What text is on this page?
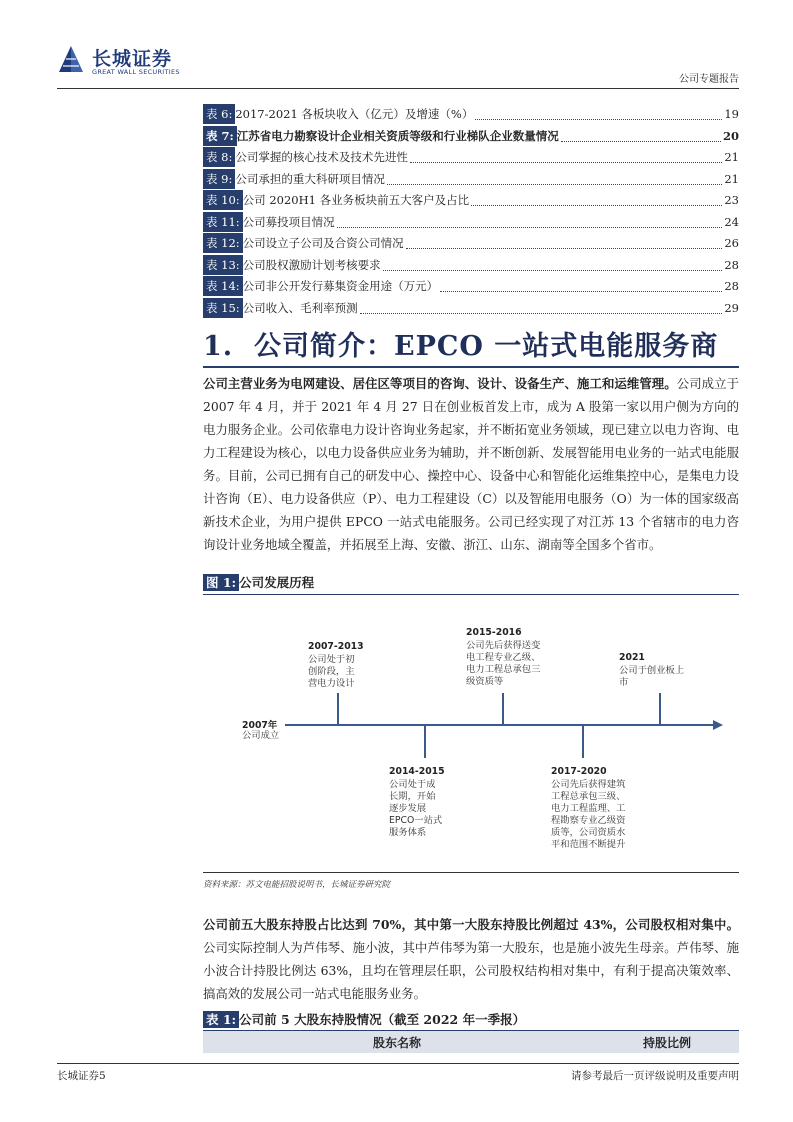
长城证券
GREAT WALL SECURITIES
公司专题报告
表 6: 2017-2021 各板块收入（亿元）及增速（%）	19
表 7: 江苏省电力勘察设计企业相关资质等级和行业梯队企业数量情况	20
表 8: 公司掌握的核心技术及技术先进性	21
表 9: 公司承担的重大科研项目情况	21
表 10: 公司 2020H1 各业务板块前五大客户及占比	23
表 11: 公司募投项目情况	24
表 12: 公司设立子公司及合资公司情况	26
表 13: 公司股权激励计划考核要求	28
表 14: 公司非公开发行募集资金用途（万元）	28
表 15: 公司收入、毛利率预测	29
1. 公司简介：EPCO 一站式电能服务商
公司主营业务为电网建设、居住区等项目的咨询、设计、设备生产、施工和运维管理。公司成立于 2007 年 4 月，并于 2021 年 4 月 27 日在创业板首发上市，成为 A 股第一家以用户侧为方向的电力服务企业。公司依靠电力设计咨询业务起家，并不断拓宽业务领域，现已建立以电力咨询、电力工程建设为核心，以电力设备供应业务为辅助，并不断创新、发展智能用电业务的一站式电能服务。目前，公司已拥有自己的研发中心、操控中心、设备中心和智能化运维集控中心，是集电力设计咨询（E）、电力设备供应（P）、电力工程建设（C）以及智能用电服务（O）为一体的国家级高新技术企业，为用户提供 EPCO 一站式电能服务。公司已经实现了对江苏 13 个省辖市的电力咨询设计业务地域全覆盖，并拓展至上海、安徽、浙江、山东、湖南等全国多个省市。
图 1: 公司发展历程
2007年
公司成立
2007-2013
公司处于初
创阶段，主
营电力设计
2014-2015
公司处于成
长期，开始
逐步发展
EPCO一站式
服务体系
2015-2016
公司先后获得送变
电工程专业乙级、
电力工程总承包三
级资质等
2017-2020
公司先后获得建筑
工程总承包三级、
电力工程监理、工
程勘察专业乙级资
质等，公司资质水
平和范围不断提升
2021
公司于创业板上
市
资料来源：苏文电能招股说明书，长城证券研究院
公司前五大股东持股占比达到 70%，其中第一大股东持股比例超过 43%，公司股权相对集中。公司实际控制人为芦伟琴、施小波，其中芦伟琴为第一大股东，也是施小波先生母亲。芦伟琴、施小波合计持股比例达 63%，且均在管理层任职，公司股权结构相对集中，有利于提高决策效率、搞高效的发展公司一站式电能服务业务。
表 1: 公司前 5 大股东持股情况（截至 2022 年一季报）
股东名称	持股比例
长城证券5	请参考最后一页评级说明及重要声明
